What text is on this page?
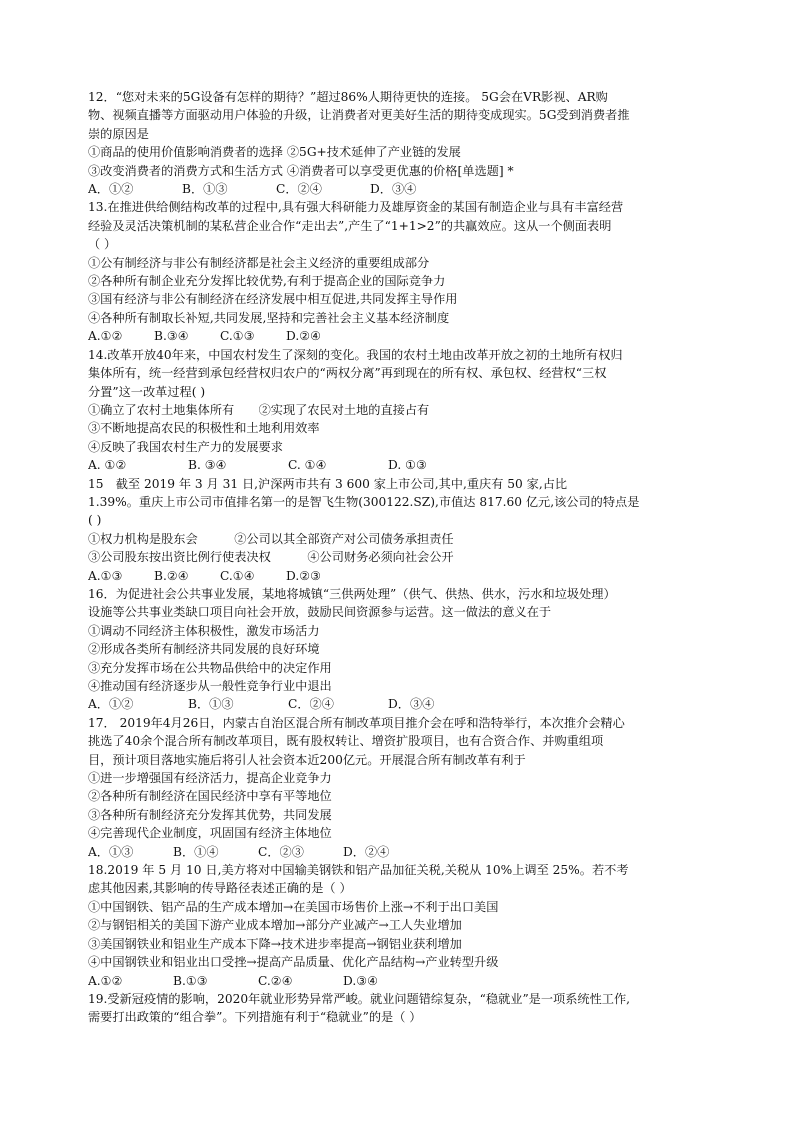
12．“您对未来的5G设备有怎样的期待？”超过86%人期待更快的连接。 5G会在VR影视、AR购
物、视频直播等方面驱动用户体验的升级，让消费者对更美好生活的期待变成现实。5G受到消费者推
崇的原因是
①商品的使用价值影响消费者的选择 ②5G+技术延伸了产业链的发展
③改变消费者的消费方式和生活方式 ④消费者可以享受更优惠的价格[单选题] *
A．①②	B．①③	C．②④	D．③④
13.在推进供给侧结构改革的过程中,具有强大科研能力及雄厚资金的某国有制造企业与具有丰富经营
经验及灵活决策机制的某私营企业合作“走出去”,产生了“1+1>2”的共赢效应。这从一个侧面表明
（ ）
①公有制经济与非公有制经济都是社会主义经济的重要组成部分
②各种所有制企业充分发挥比较优势,有利于提高企业的国际竞争力
③国有经济与非公有制经济在经济发展中相互促进,共同发挥主导作用
④各种所有制取长补短,共同发展,坚持和完善社会主义基本经济制度
A.①②	B.③④	C.①③	D.②④
14.改革开放40年来，中国农村发生了深刻的变化。我国的农村土地由改革开放之初的土地所有权归
集体所有，统一经营到承包经营权归农户的“两权分离”再到现在的所有权、承包权、经营权“三权
分置”这一改革过程( )
①确立了农村土地集体所有　　②实现了农民对土地的直接占有
③不断地提高农民的积极性和土地利用效率
④反映了我国农村生产力的发展要求
A. ①②	B. ③④	C. ①④	D. ①③
15　截至 2019 年 3 月 31 日,沪深两市共有 3 600 家上市公司,其中,重庆有 50 家,占比
1.39%。重庆上市公司市值排名第一的是智飞生物(300122.SZ),市值达 817.60 亿元,该公司的特点是
( )
①权力机构是股东会　　　②公司以其全部资产对公司债务承担责任
③公司股东按出资比例行使表决权　　　④公司财务必须向社会公开
A.①③	B.②④	C.①④	D.②③
16．为促进社会公共事业发展，某地将城镇“三供两处理”（供气、供热、供水，污水和垃圾处理）
设施等公共事业类缺口项目向社会开放，鼓励民间资源参与运营。这一做法的意义在于
①调动不同经济主体积极性，激发市场活力
②形成各类所有制经济共同发展的良好环境
③充分发挥市场在公共物品供给中的决定作用
④推动国有经济逐步从一般性竞争行业中退出
A．①②	B．①③	C．②④	D．③④
17． 2019年4月26日，内蒙古自治区混合所有制改革项目推介会在呼和浩特举行，本次推介会精心
挑选了40余个混合所有制改革项目，既有股权转让、增资扩股项目，也有合资合作、并购重组项
目，预计项目落地实施后将引人社会资本近200亿元。开展混合所有制改革有利于
①进一步增强国有经济活力，提高企业竞争力
②各种所有制经济在国民经济中享有平等地位
③各种所有制经济充分发挥其优势，共同发展
④完善现代企业制度，巩固国有经济主体地位
A．①③	B．①④	C．②③	D．②④
18.2019 年 5 月 10 日,美方将对中国输美钢铁和铝产品加征关税,关税从 10%上调至 25%。若不考
虑其他因素,其影响的传导路径表述正确的是（ ）
①中国钢铁、铝产品的生产成本增加→在美国市场售价上涨→不利于出口美国
②与钢铝相关的美国下游产业成本增加→部分产业减产→工人失业增加
③美国钢铁业和铝业生产成本下降→技术进步率提高→钢铝业获利增加
④中国钢铁业和铝业出口受挫→提高产品质量、优化产品结构→产业转型升级
A.①②	B.①③	C.②④	D.③④
19.受新冠疫情的影响，2020年就业形势异常严峻。就业问题错综复杂，“稳就业”是一项系统性工作,
需要打出政策的“组合拳”。下列措施有利于“稳就业”的是（ ）
